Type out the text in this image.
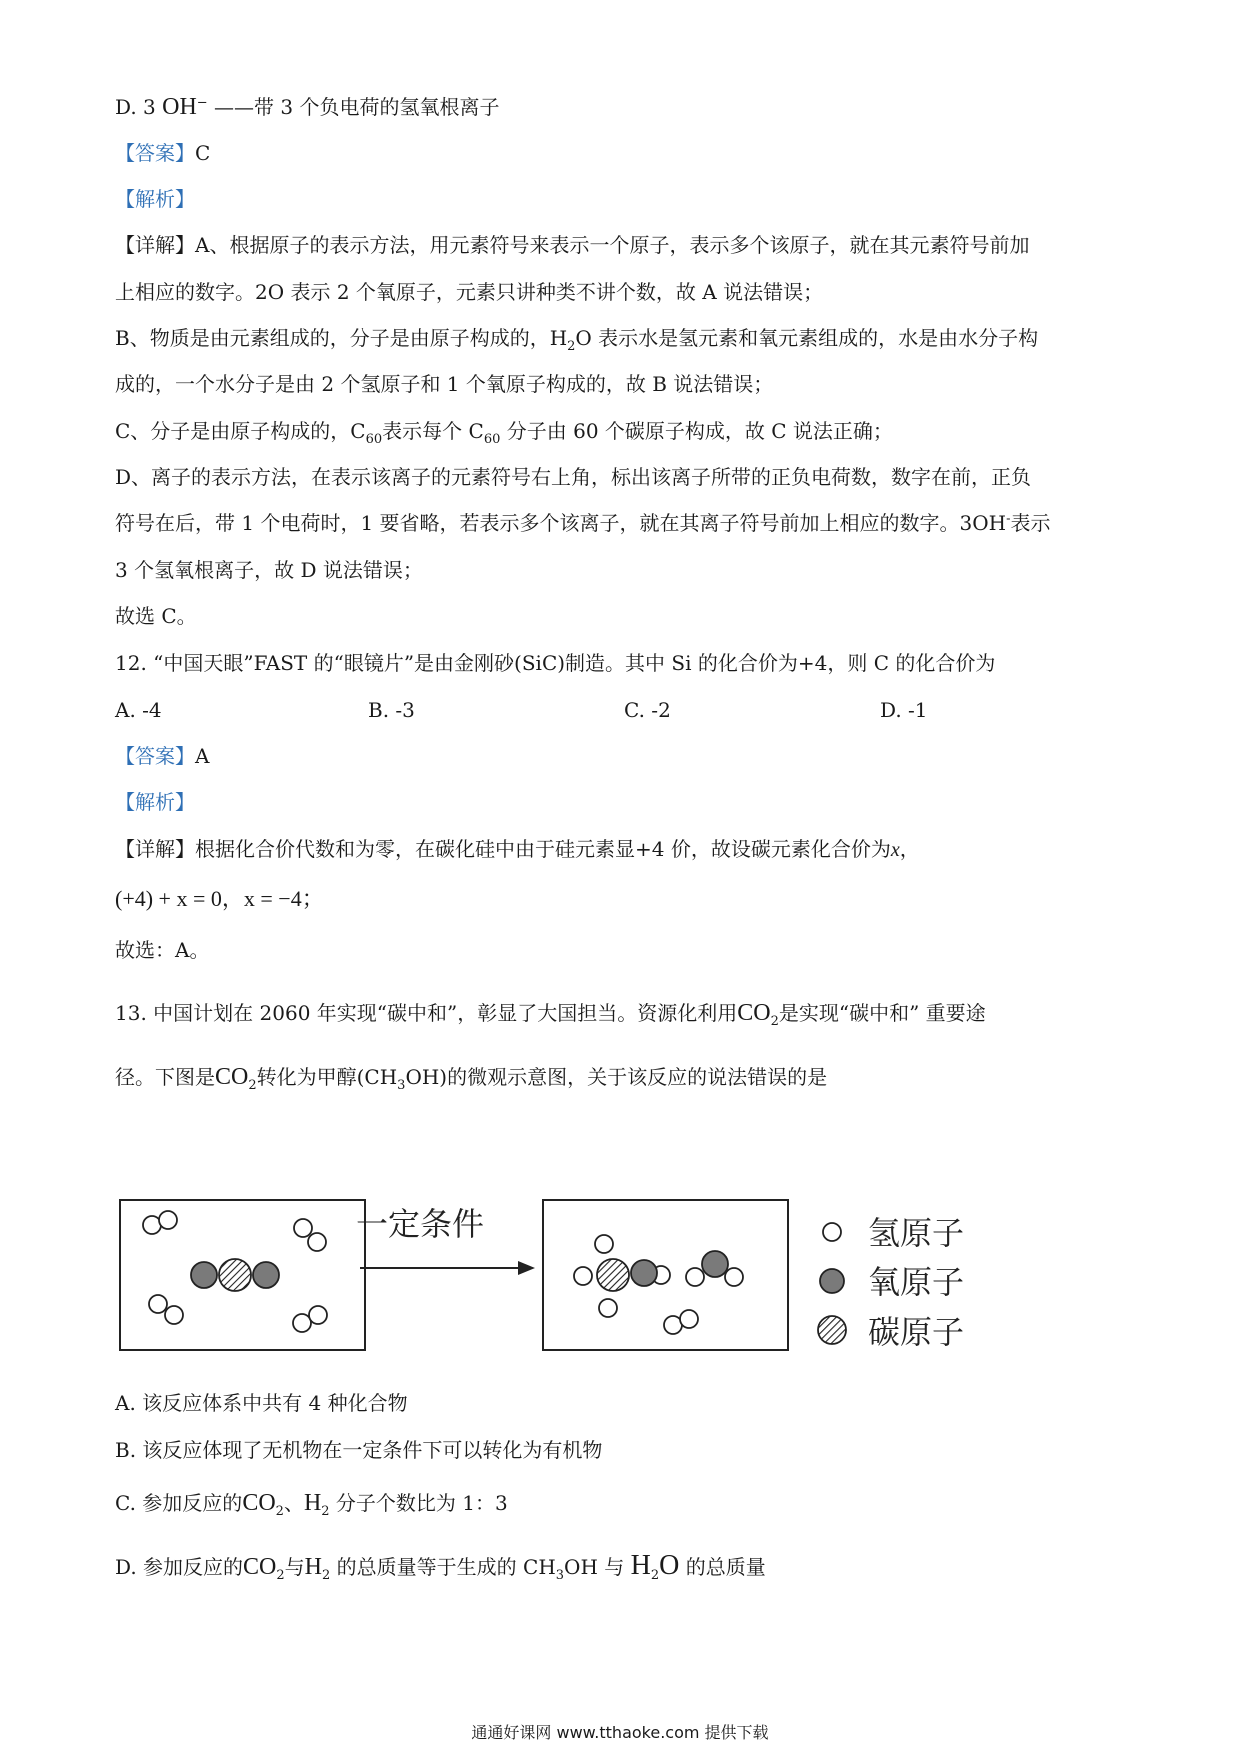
D. 3 OH− ——带 3 个负电荷的氢氧根离子
【答案】C
【解析】
【详解】A、根据原子的表示方法，用元素符号来表示一个原子，表示多个该原子，就在其元素符号前加
上相应的数字。2O 表示 2 个氧原子，元素只讲种类不讲个数，故 A 说法错误；
B、物质是由元素组成的，分子是由原子构成的，$H_2O$ 表示水是氢元素和氧元素组成的，水是由水分子构
成的，一个水分子是由 2 个氢原子和 1 个氧原子构成的，故 B 说法错误；
C、分子是由原子构成的，$C_{60}$表示每个 $C_{60}$ 分子由 60 个碳原子构成，故 C 说法正确；
D、离子的表示方法，在表示该离子的元素符号右上角，标出该离子所带的正负电荷数，数字在前，正负
符号在后，带 1 个电荷时，1 要省略，若表示多个该离子，就在其离子符号前加上相应的数字。3OH-表示
3 个氢氧根离子，故 D 说法错误；
故选 C。
12. “中国天眼”FAST 的“眼镜片”是由金刚砂(SiC)制造。其中 Si 的化合价为+4，则 C 的化合价为
A. -4	B. -3	C. -2	D. -1
【答案】A
【解析】
【详解】根据化合价代数和为零，在碳化硅中由于硅元素显+4 价，故设碳元素化合价为x，
(+4) + x = 0，x = −4；
故选：A。
13. 中国计划在 2060 年实现“碳中和”，彰显了大国担当。资源化利用$CO_2$是实现“碳中和” 重要途
径。下图是$CO_2$转化为甲醇$(CH_3OH)$的微观示意图，关于该反应的说法错误的是
一定条件	氢原子
氧原子
碳原子
A. 该反应体系中共有 4 种化合物
B. 该反应体现了无机物在一定条件下可以转化为有机物
C. 参加反应的$CO_2$、$H_2$ 分子个数比为 1：3
D. 参加反应的$CO_2$与$H_2$ 的总质量等于生成的 $CH_3OH$ 与 $H_2O$ 的总质量
通通好课网 www.tthaoke.com 提供下载
